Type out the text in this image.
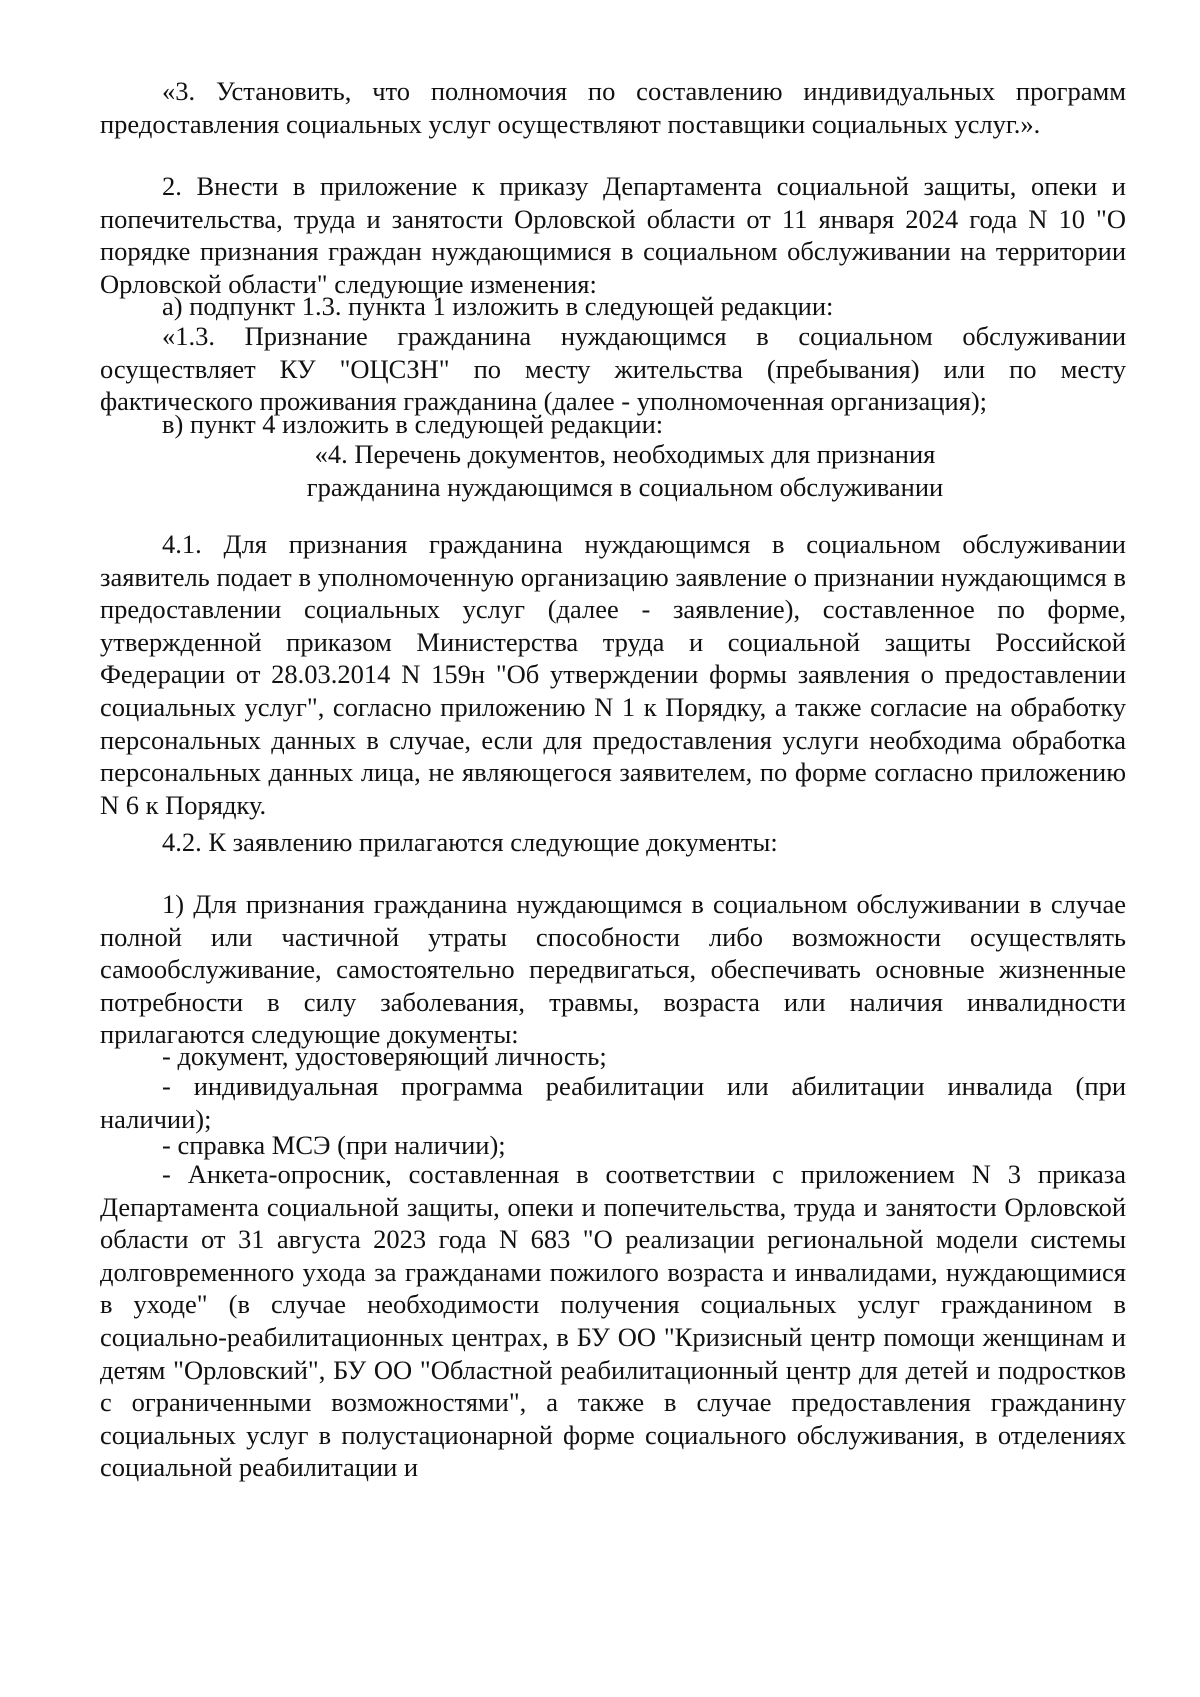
«3. Установить, что полномочия по составлению индивидуальных программ предоставления социальных услуг осуществляют поставщики социальных услуг.».

2. Внести в приложение к приказу Департамента социальной защиты, опеки и попечительства, труда и занятости Орловской области от 11 января 2024 года N 10 "О порядке признания граждан нуждающимися в социальном обслуживании на территории Орловской области" следующие изменения:

а) подпункт 1.3. пункта 1 изложить в следующей редакции:

«1.3. Признание гражданина нуждающимся в социальном обслуживании осуществляет КУ "ОЦСЗН" по месту жительства (пребывания) или по месту фактического проживания гражданина (далее - уполномоченная организация);

в) пункт 4 изложить в следующей редакции:

«4. Перечень документов, необходимых для признания гражданина нуждающимся в социальном обслуживании

4.1. Для признания гражданина нуждающимся в социальном обслуживании заявитель подает в уполномоченную организацию заявление о признании нуждающимся в предоставлении социальных услуг (далее - заявление), составленное по форме, утвержденной приказом Министерства труда и социальной защиты Российской Федерации от 28.03.2014 N 159н "Об утверждении формы заявления о предоставлении социальных услуг", согласно приложению N 1 к Порядку, а также согласие на обработку персональных данных в случае, если для предоставления услуги необходима обработка персональных данных лица, не являющегося заявителем, по форме согласно приложению N 6 к Порядку.

4.2. К заявлению прилагаются следующие документы:

1) Для признания гражданина нуждающимся в социальном обслуживании в случае полной или частичной утраты способности либо возможности осуществлять самообслуживание, самостоятельно передвигаться, обеспечивать основные жизненные потребности в силу заболевания, травмы, возраста или наличия инвалидности прилагаются следующие документы:

- документ, удостоверяющий личность;

- индивидуальная программа реабилитации или абилитации инвалида (при наличии);

- справка МСЭ (при наличии);

- Анкета-опросник, составленная в соответствии с приложением N 3 приказа Департамента социальной защиты, опеки и попечительства, труда и занятости Орловской области от 31 августа 2023 года N 683 "О реализации региональной модели системы долговременного ухода за гражданами пожилого возраста и инвалидами, нуждающимися в уходе" (в случае необходимости получения социальных услуг гражданином в социально-реабилитационных центрах, в БУ ОО "Кризисный центр помощи женщинам и детям "Орловский", БУ ОО "Областной реабилитационный центр для детей и подростков с ограниченными возможностями", а также в случае предоставления гражданину социальных услуг в полустационарной форме социального обслуживания, в отделениях социальной реабилитации и
